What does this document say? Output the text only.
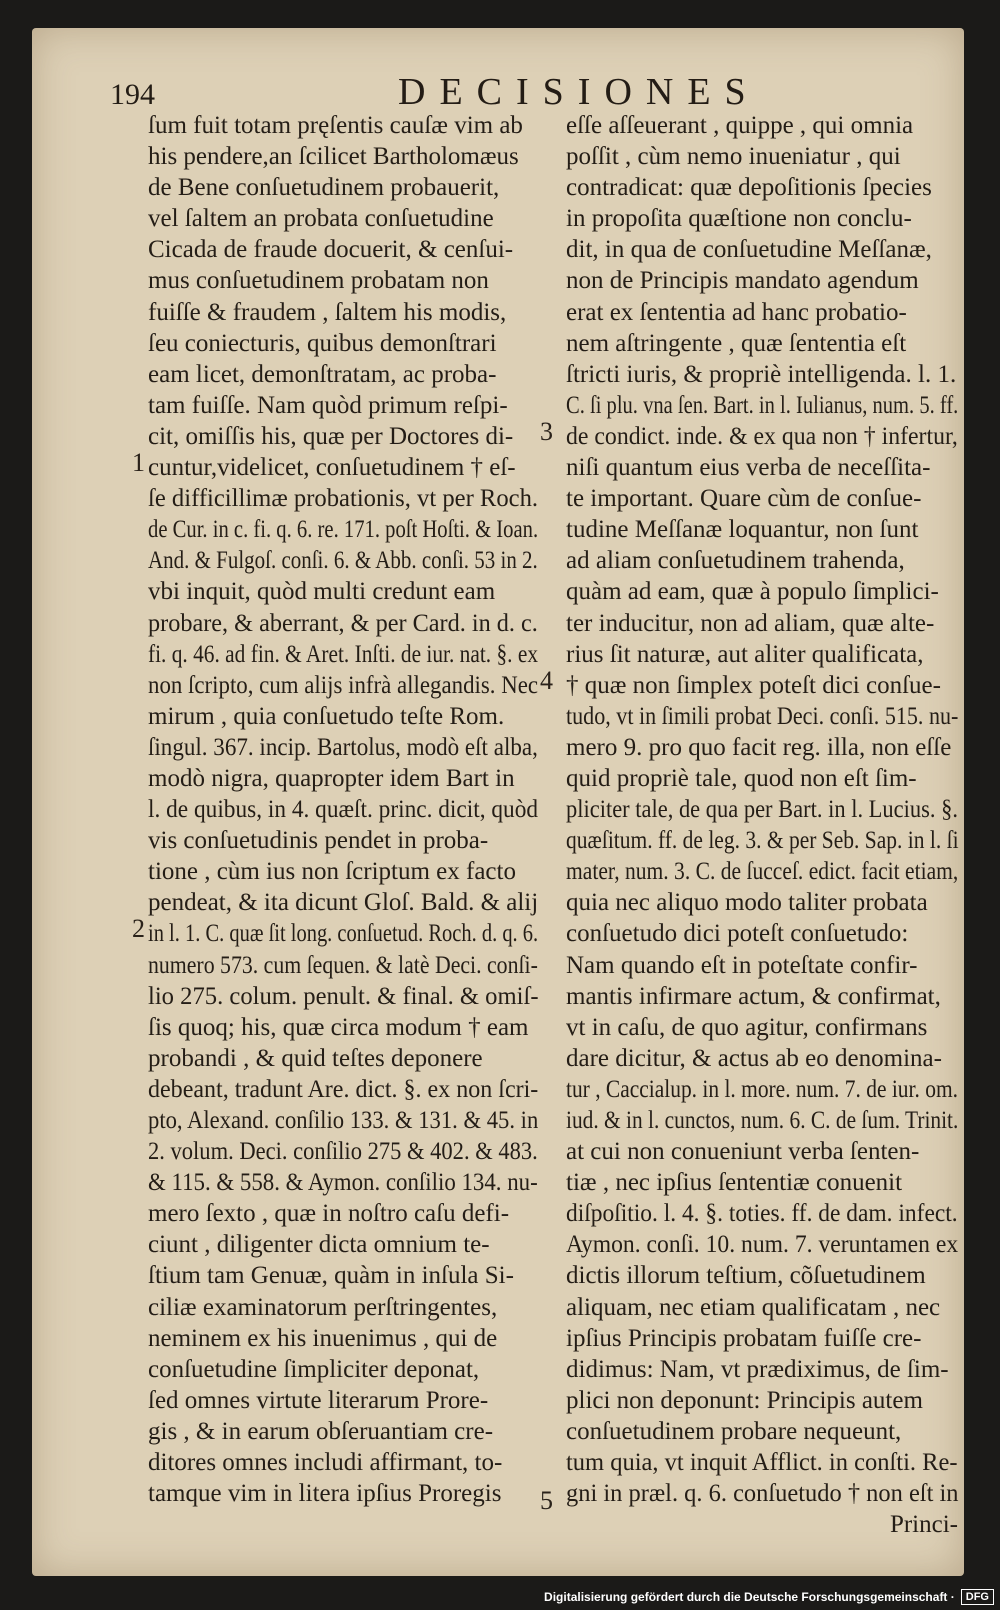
194	DECISIONES
ſum fuit totam pręſentis cauſæ vim ab
his pendere,an ſcilicet Bartholomæus
de Bene conſuetudinem probauerit,
vel ſaltem an probata conſuetudine
Cicada de fraude docuerit, & cenſui-
mus conſuetudinem probatam non
fuiſſe & fraudem , ſaltem his modis,
ſeu coniecturis, quibus demonſtrari
eam licet, demonſtratam, ac proba-
tam fuiſſe. Nam quòd primum reſpi-
cit, omiſſis his, quæ per Doctores di-
cuntur,videlicet, conſuetudinem † eſ-
ſe difficillimæ probationis, vt per Roch.
de Cur. in c. fi. q. 6. re. 171. poſt Hoſti. & Ioan.
And. & Fulgoſ. conſi. 6. & Abb. conſi. 53 in 2.
vbi inquit, quòd multi credunt eam
probare, & aberrant, & per Card. in d. c.
fi. q. 46. ad fin. & Aret. Inſti. de iur. nat. §. ex
non ſcripto, cum alijs infrà allegandis. Nec
mirum , quia conſuetudo teſte Rom.
ſingul. 367. incip. Bartolus, modò eſt alba,
modò nigra, quapropter idem Bart in
l. de quibus, in 4. quæſt. princ. dicit, quòd
vis conſuetudinis pendet in proba-
tione , cùm ius non ſcriptum ex facto
pendeat, & ita dicunt Gloſ. Bald. & alij
in l. 1. C. quæ ſit long. conſuetud. Roch. d. q. 6.
numero 573. cum ſequen. & latè Deci. conſi-
lio 275. colum. penult. & final. & omiſ-
ſis quoq; his, quæ circa modum † eam
probandi , & quid teſtes deponere
debeant, tradunt Are. dict. §. ex non ſcri-
pto, Alexand. conſilio 133. & 131. & 45. in
2. volum. Deci. conſilio 275 & 402. & 483.
& 115. & 558. & Aymon. conſilio 134. nu-
mero ſexto , quæ in noſtro caſu defi-
ciunt , diligenter dicta omnium te-
ſtium tam Genuæ, quàm in inſula Si-
ciliæ examinatorum perſtringentes,
neminem ex his inuenimus , qui de
conſuetudine ſimpliciter deponat,
ſed omnes virtute literarum Prore-
gis , & in earum obſeruantiam cre-
ditores omnes includi affirmant, to-
tamque vim in litera ipſius Proregis
eſſe aſſeuerant , quippe , qui omnia
poſſit , cùm nemo inueniatur , qui
contradicat: quæ depoſitionis ſpecies
in propoſita quæſtione non conclu-
dit, in qua de conſuetudine Meſſanæ,
non de Principis mandato agendum
erat ex ſententia ad hanc probatio-
nem aſtringente , quæ ſententia eſt
ſtricti iuris, & propriè intelligenda. l. 1.
C. ſi plu. vna ſen. Bart. in l. Iulianus, num. 5. ff.
de condict. inde. & ex qua non † infertur,
niſi quantum eius verba de neceſſita-
te important. Quare cùm de conſue-
tudine Meſſanæ loquantur, non ſunt
ad aliam conſuetudinem trahenda,
quàm ad eam, quæ à populo ſimplici-
ter inducitur, non ad aliam, quæ alte-
rius ſit naturæ, aut aliter qualificata,
† quæ non ſimplex poteſt dici conſue-
tudo, vt in ſimili probat Deci. conſi. 515. nu-
mero 9. pro quo facit reg. illa, non eſſe
quid propriè tale, quod non eſt ſim-
pliciter tale, de qua per Bart. in l. Lucius. §.
quæſitum. ff. de leg. 3. & per Seb. Sap. in l. ſi
mater, num. 3. C. de ſucceſ. edict. facit etiam,
quia nec aliquo modo taliter probata
conſuetudo dici poteſt conſuetudo:
Nam quando eſt in poteſtate confir-
mantis infirmare actum, & confirmat,
vt in caſu, de quo agitur, confirmans
dare dicitur, & actus ab eo denomina-
tur , Caccialup. in l. more. num. 7. de iur. om.
iud. & in l. cunctos, num. 6. C. de ſum. Trinit.
at cui non conueniunt verba ſenten-
tiæ , nec ipſius ſententiæ conuenit
diſpoſitio. l. 4. §. toties. ff. de dam. infect.
Aymon. conſi. 10. num. 7. veruntamen ex
dictis illorum teſtium, cõſuetudinem
aliquam, nec etiam qualificatam , nec
ipſius Principis probatam fuiſſe cre-
didimus: Nam, vt prædiximus, de ſim-
plici non deponunt: Principis autem
conſuetudinem probare nequeunt,
tum quia, vt inquit Afflict. in conſti. Re-
gni in præl. q. 6. conſuetudo † non eſt in
Princi-
1
2
3
4
5
Digitalisierung gefördert durch die Deutsche Forschungsgemeinschaft ·	DFG
